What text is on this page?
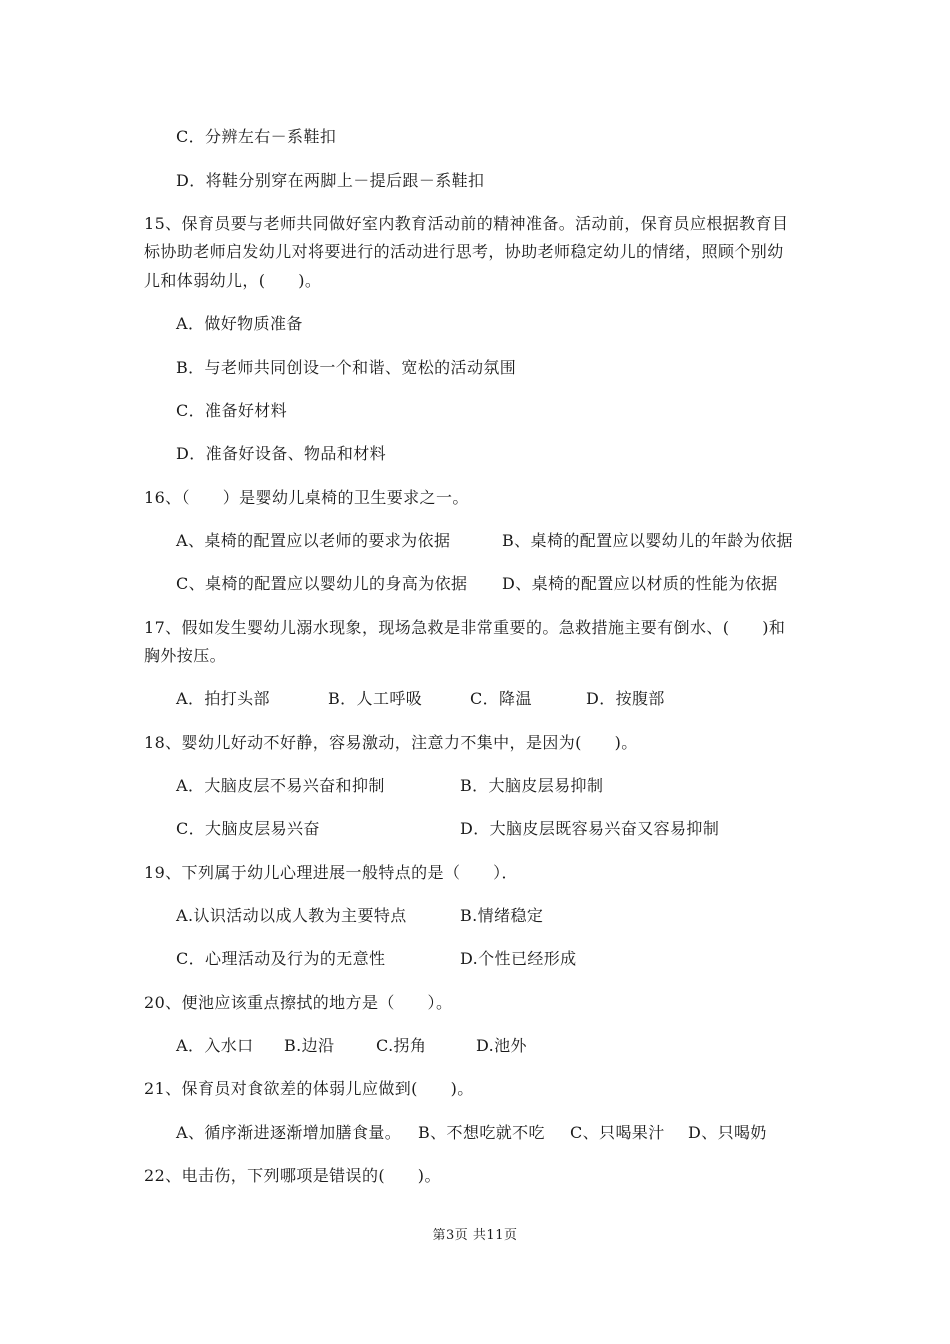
C．分辨左右－系鞋扣
D．将鞋分别穿在两脚上－提后跟－系鞋扣
15、保育员要与老师共同做好室内教育活动前的精神准备。活动前，保育员应根据教育目
标协助老师启发幼儿对将要进行的活动进行思考，协助老师稳定幼儿的情绪，照顾个别幼
儿和体弱幼儿，(　　)。
A．做好物质准备
B．与老师共同创设一个和谐、宽松的活动氛围
C．准备好材料
D．准备好设备、物品和材料
16、（　　）是婴幼儿桌椅的卫生要求之一。
A、桌椅的配置应以老师的要求为依据	B、桌椅的配置应以婴幼儿的年龄为依据
C、桌椅的配置应以婴幼儿的身高为依据 D、桌椅的配置应以材质的性能为依据
17、假如发生婴幼儿溺水现象，现场急救是非常重要的。急救措施主要有倒水、(　　)和
胸外按压。
A．拍打头部	B．人工呼吸	C．降温	D．按腹部
18、婴幼儿好动不好静，容易激动，注意力不集中，是因为(　　)。
A．大脑皮层不易兴奋和抑制	B．大脑皮层易抑制
C．大脑皮层易兴奋	D．大脑皮层既容易兴奋又容易抑制
19、下列属于幼儿心理进展一般特点的是（　　）．
A.认识活动以成人教为主要特点	B.情绪稳定
C．心理活动及行为的无意性	D.个性已经形成
20、便池应该重点擦拭的地方是（　　）。
A．入水口 B.边沿	C.拐角	D.池外
21、保育员对食欲差的体弱儿应做到(　　)。
A、循序渐进逐渐增加膳食量。 B、不想吃就不吃 C、只喝果汁 D、只喝奶
22、电击伤，下列哪项是错误的(　　)。
第3页 共11页
